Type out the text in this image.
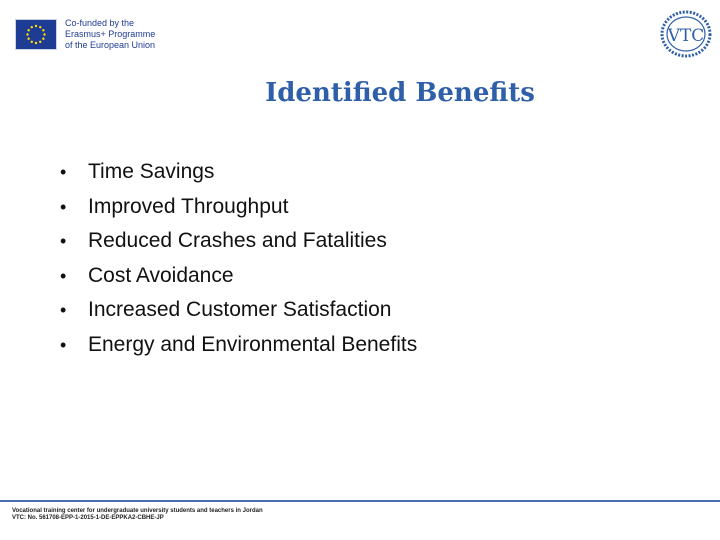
Co-funded by the
Erasmus+ Programme
of the European Union	VTC
Identified Benefits
•	Time Savings
•	Improved Throughput
•	Reduced Crashes and Fatalities
•	Cost Avoidance
•	Increased Customer Satisfaction
•	Energy and Environmental Benefits
Vocational training center for undergraduate university students and teachers in Jordan
VTC: No. 561708-EPP-1-2015-1-DE-EPPKA2-CBHE-JP
